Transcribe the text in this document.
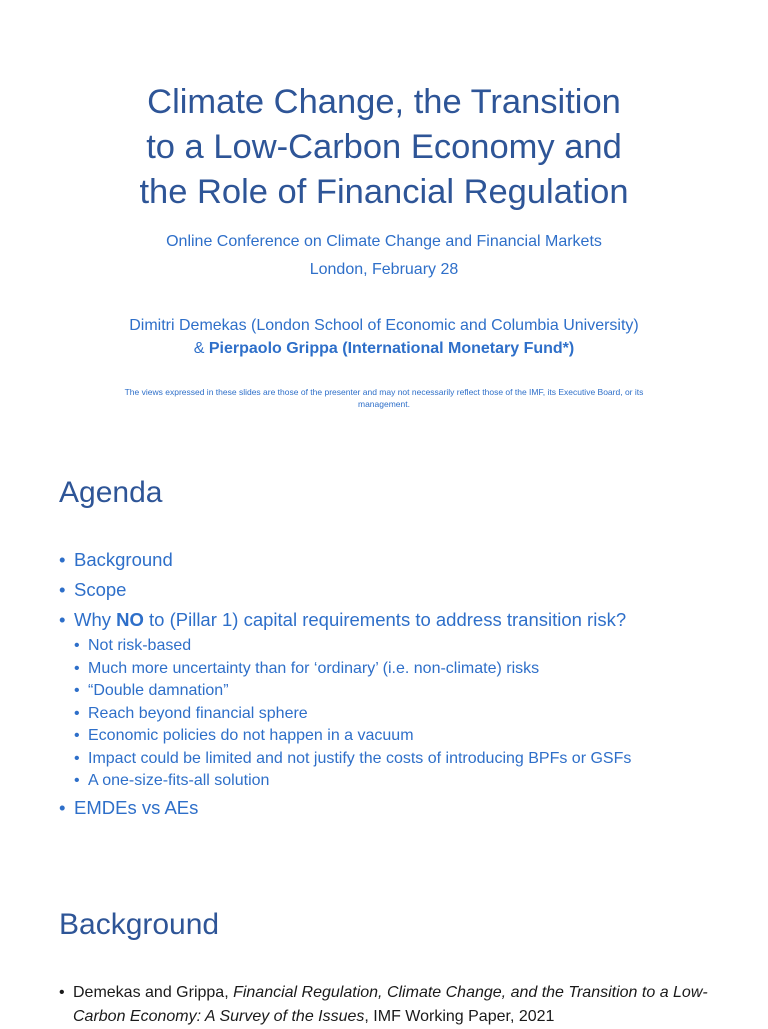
Climate Change, the Transition
to a Low-Carbon Economy and
the Role of Financial Regulation
Online Conference on Climate Change and Financial Markets
London, February 28
Dimitri Demekas (London School of Economic and Columbia University)
& Pierpaolo Grippa (International Monetary Fund*)
The views expressed in these slides are those of the presenter and may not necessarily reflect those of the IMF, its Executive Board, or its management.
Agenda
• Background
• Scope
• Why NO to (Pillar 1) capital requirements to address transition risk?
• Not risk-based
• Much more uncertainty than for ‘ordinary’ (i.e. non-climate) risks
• “Double damnation”
• Reach beyond financial sphere
• Economic policies do not happen in a vacuum
• Impact could be limited and not justify the costs of introducing BPFs or GSFs
• A one-size-fits-all solution
• EMDEs vs AEs
Background
• Demekas and Grippa, Financial Regulation, Climate Change, and the Transition to a Low-Carbon Economy: A Survey of the Issues, IMF Working Paper, 2021
